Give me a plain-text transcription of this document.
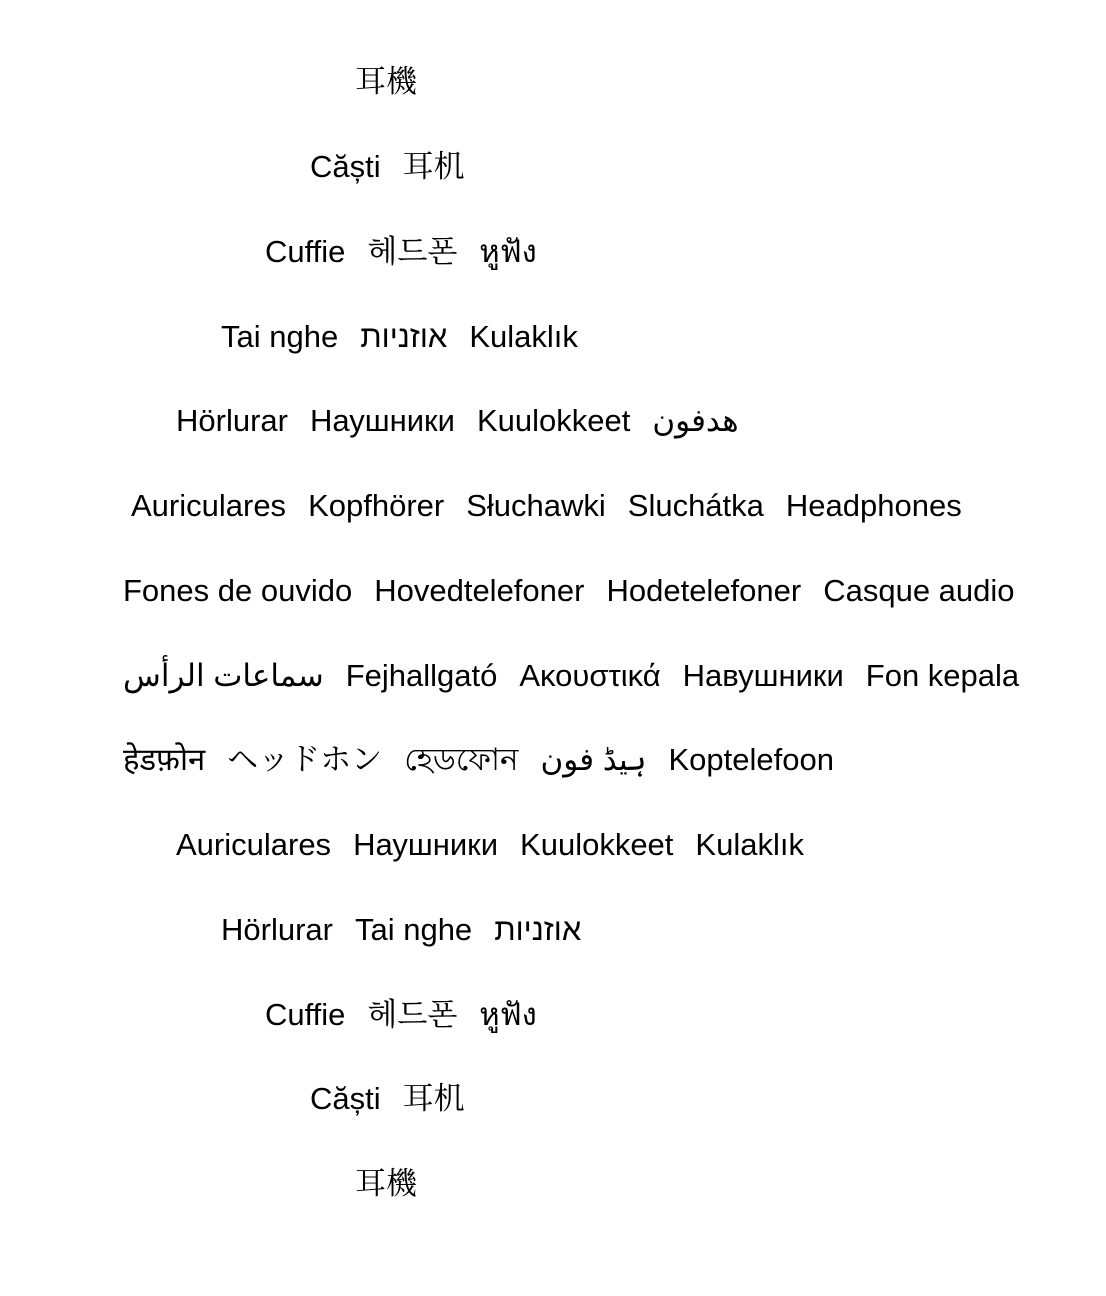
耳機
Căști 耳机
Cuffie 헤드폰 หูฟัง
Tai nghe אוזניות Kulaklık
Hörlurar Наушники Kuulokkeet هدفون
Auriculares Kopfhörer Słuchawki Sluchátka Headphones
Fones de ouvido Hovedtelefoner Hodetelefoner Casque audio
سماعات الرأس Fejhallgató Ακουστικά Навушники Fon kepala
हेडफ़ोन ヘッドホン হেডফোন ہیڈ فون Koptelefoon
Auriculares Наушники Kuulokkeet Kulaklık
Hörlurar Tai nghe אוזניות
Cuffie 헤드폰 หูฟัง
Căști 耳机
耳機
